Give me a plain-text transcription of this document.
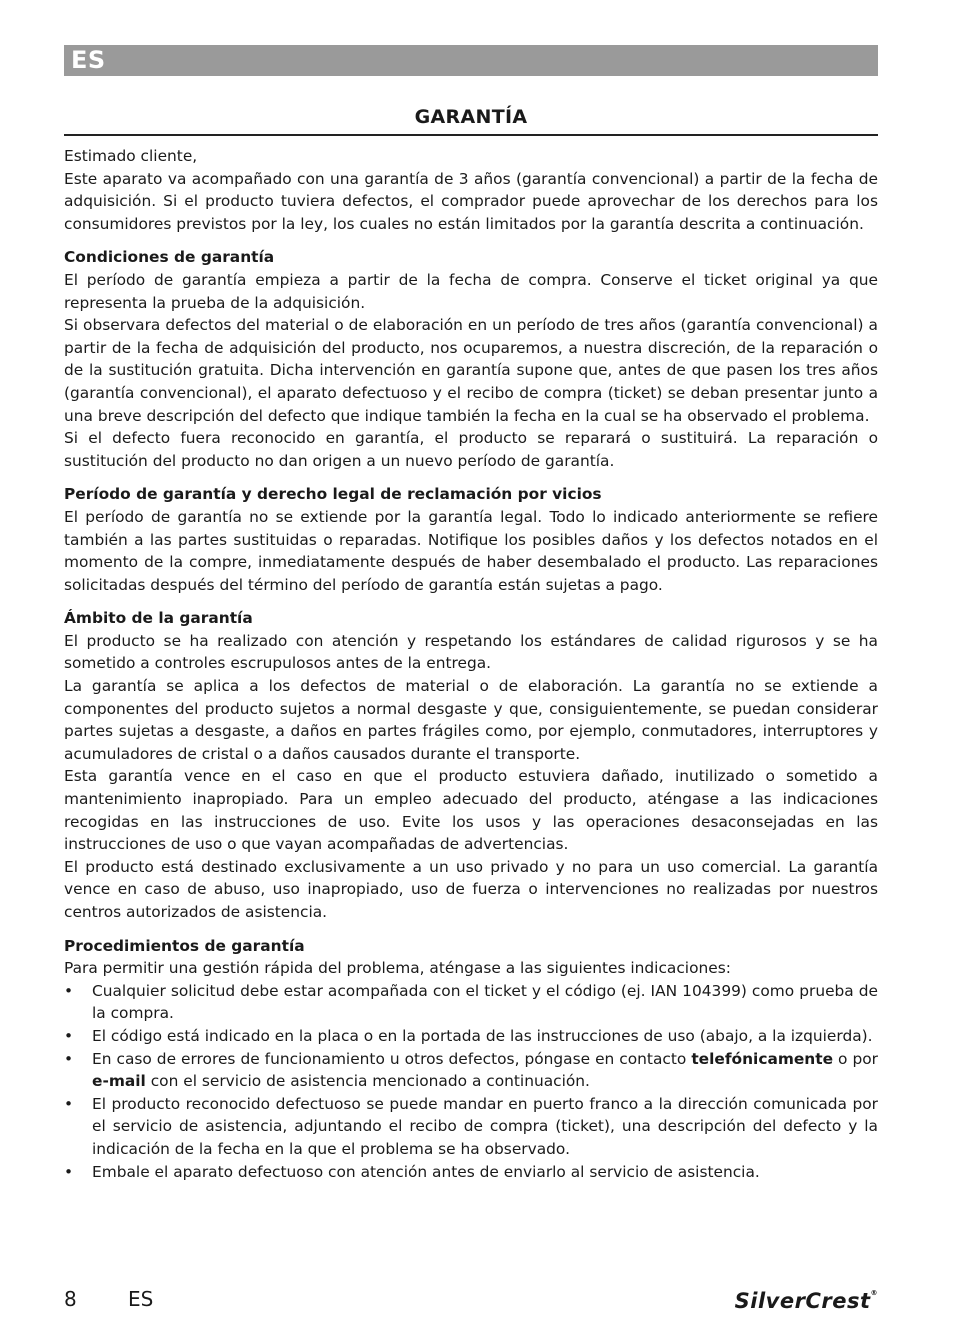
ES
GARANTÍA

Estimado cliente,

Este aparato va acompañado con una garantía de 3 años (garantía convencional) a partir de la fecha de adquisición. Si el producto tuviera defectos, el comprador puede aprovechar de los derechos para los consumidores previstos por la ley, los cuales no están limitados por la garantía descrita a continuación.

Condiciones de garantía

El período de garantía empieza a partir de la fecha de compra. Conserve el ticket original ya que representa la prueba de la adquisición.

Si observara defectos del material o de elaboración en un período de tres años (garantía convencional) a partir de la fecha de adquisición del producto, nos ocuparemos, a nuestra discreción, de la reparación o de la sustitución gratuita. Dicha intervención en garantía supone que, antes de que pasen los tres años (garantía convencional), el aparato defectuoso y el recibo de compra (ticket) se deban presentar junto a una breve descripción del defecto que indique también la fecha en la cual se ha observado el problema.

Si el defecto fuera reconocido en garantía, el producto se reparará o sustituirá. La reparación o sustitución del producto no dan origen a un nuevo período de garantía.

Período de garantía y derecho legal de reclamación por vicios

El período de garantía no se extiende por la garantía legal. Todo lo indicado anteriormente se refiere también a las partes sustituidas o reparadas. Notifique los posibles daños y los defectos notados en el momento de la compre, inmediatamente después de haber desembalado el producto. Las reparaciones solicitadas después del término del período de garantía están sujetas a pago.

Ámbito de la garantía

El producto se ha realizado con atención y respetando los estándares de calidad rigurosos y se ha sometido a controles escrupulosos antes de la entrega.

La garantía se aplica a los defectos de material o de elaboración. La garantía no se extiende a componentes del producto sujetos a normal desgaste y que, consiguientemente, se puedan considerar partes sujetas a desgaste, a daños en partes frágiles como, por ejemplo, conmutadores, interruptores y acumuladores de cristal o a daños causados durante el transporte.

Esta garantía vence en el caso en que el producto estuviera dañado, inutilizado o sometido a mantenimiento inapropiado. Para un empleo adecuado del producto, aténgase a las indicaciones recogidas en las instrucciones de uso. Evite los usos y las operaciones desaconsejadas en las instrucciones de uso o que vayan acompañadas de advertencias.

El producto está destinado exclusivamente a un uso privado y no para un uso comercial. La garantía vence en caso de abuso, uso inapropiado, uso de fuerza o intervenciones no realizadas por nuestros centros autorizados de asistencia.

Procedimientos de garantía

Para permitir una gestión rápida del problema, aténgase a las siguientes indicaciones:

• Cualquier solicitud debe estar acompañada con el ticket y el código (ej. IAN 104399) como prueba de la compra.
• El código está indicado en la placa o en la portada de las instrucciones de uso (abajo, a la izquierda).
• En caso de errores de funcionamiento u otros defectos, póngase en contacto telefónicamente o por e-mail con el servicio de asistencia mencionado a continuación.
• El producto reconocido defectuoso se puede mandar en puerto franco a la dirección comunicada por el servicio de asistencia, adjuntando el recibo de compra (ticket), una descripción del defecto y la indicación de la fecha en la que el problema se ha observado.
• Embale el aparato defectuoso con atención antes de enviarlo al servicio de asistencia.
8	ES	SilverCrest®
